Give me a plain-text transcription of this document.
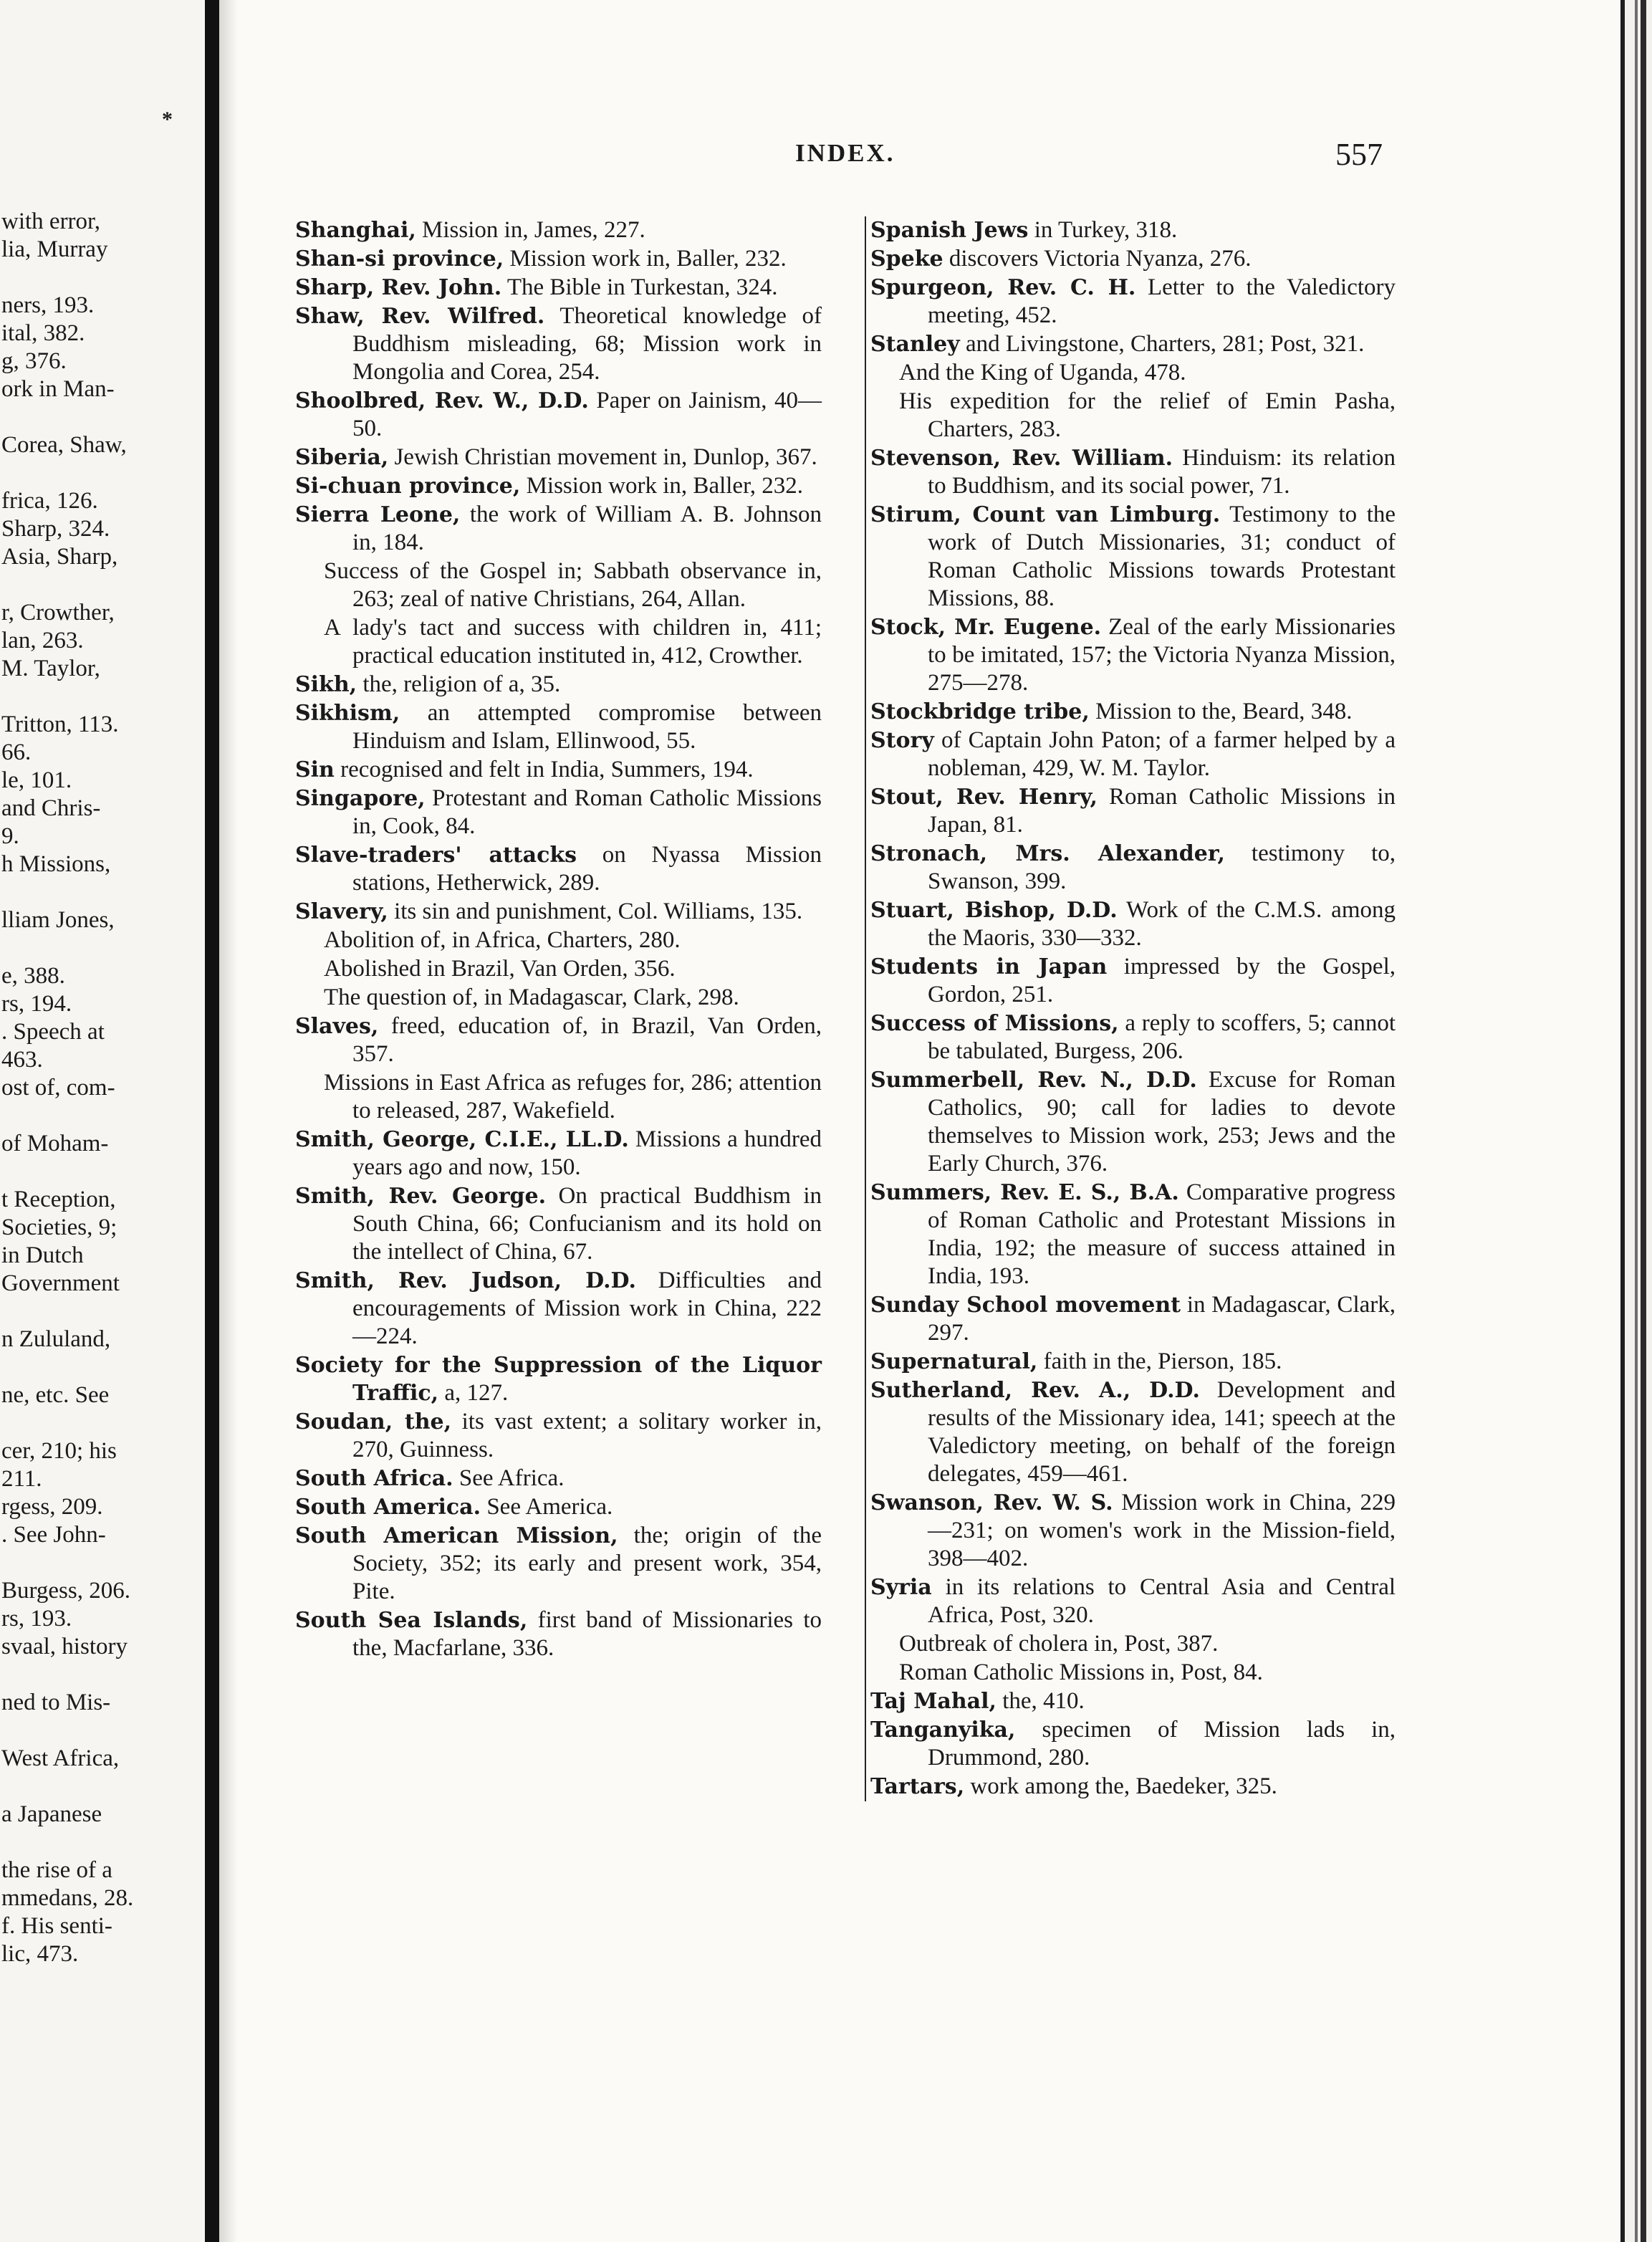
with error,
lia, Murray
ners, 193.
ital, 382.
g, 376.
ork in Man-
Corea, Shaw,
frica, 126.
Sharp, 324.
Asia, Sharp,
r, Crowther,
lan, 263.
M. Taylor,
Tritton, 113.
66.
le, 101.
and Chris-
9.
h Missions,
lliam Jones,
e, 388.
rs, 194.
. Speech at
463.
ost of, com-
of Moham-
t Reception,
Societies, 9;
in Dutch
Government
n Zululand,
ne, etc. See
cer, 210; his
211.
rgess, 209.
. See John-
Burgess, 206.
rs, 193.
svaal, history
ned to Mis-
West Africa,
a Japanese
the rise of a
mmedans, 28.
f. His senti-
lic, 473.
*
INDEX.	557
Shanghai, Mission in, James, 227.
Shan-si province, Mission work in, Baller, 232.
Sharp, Rev. John. The Bible in Turkestan, 324.
Shaw, Rev. Wilfred. Theoretical knowledge of Buddhism misleading, 68; Mission work in Mongolia and Corea, 254.
Shoolbred, Rev. W., D.D. Paper on Jainism, 40—50.
Siberia, Jewish Christian movement in, Dunlop, 367.
Si-chuan province, Mission work in, Baller, 232.
Sierra Leone, the work of William A. B. Johnson in, 184.
Success of the Gospel in; Sabbath observance in, 263; zeal of native Christians, 264, Allan.
A lady's tact and success with children in, 411; practical education instituted in, 412, Crowther.
Sikh, the, religion of a, 35.
Sikhism, an attempted compromise between Hinduism and Islam, Ellinwood, 55.
Sin recognised and felt in India, Summers, 194.
Singapore, Protestant and Roman Catholic Missions in, Cook, 84.
Slave-traders' attacks on Nyassa Mission stations, Hetherwick, 289.
Slavery, its sin and punishment, Col. Williams, 135.
Abolition of, in Africa, Charters, 280.
Abolished in Brazil, Van Orden, 356.
The question of, in Madagascar, Clark, 298.
Slaves, freed, education of, in Brazil, Van Orden, 357.
Missions in East Africa as refuges for, 286; attention to released, 287, Wakefield.
Smith, George, C.I.E., LL.D. Missions a hundred years ago and now, 150.
Smith, Rev. George. On practical Buddhism in South China, 66; Confucianism and its hold on the intellect of China, 67.
Smith, Rev. Judson, D.D. Difficulties and encouragements of Mission work in China, 222—224.
Society for the Suppression of the Liquor Traffic, a, 127.
Soudan, the, its vast extent; a solitary worker in, 270, Guinness.
South Africa. See Africa.
South America. See America.
South American Mission, the; origin of the Society, 352; its early and present work, 354, Pite.
South Sea Islands, first band of Missionaries to the, Macfarlane, 336.
Spanish Jews in Turkey, 318.
Speke discovers Victoria Nyanza, 276.
Spurgeon, Rev. C. H. Letter to the Valedictory meeting, 452.
Stanley and Livingstone, Charters, 281; Post, 321.
And the King of Uganda, 478.
His expedition for the relief of Emin Pasha, Charters, 283.
Stevenson, Rev. William. Hinduism: its relation to Buddhism, and its social power, 71.
Stirum, Count van Limburg. Testimony to the work of Dutch Missionaries, 31; conduct of Roman Catholic Missions towards Protestant Missions, 88.
Stock, Mr. Eugene. Zeal of the early Missionaries to be imitated, 157; the Victoria Nyanza Mission, 275—278.
Stockbridge tribe, Mission to the, Beard, 348.
Story of Captain John Paton; of a farmer helped by a nobleman, 429, W. M. Taylor.
Stout, Rev. Henry, Roman Catholic Missions in Japan, 81.
Stronach, Mrs. Alexander, testimony to, Swanson, 399.
Stuart, Bishop, D.D. Work of the C.M.S. among the Maoris, 330—332.
Students in Japan impressed by the Gospel, Gordon, 251.
Success of Missions, a reply to scoffers, 5; cannot be tabulated, Burgess, 206.
Summerbell, Rev. N., D.D. Excuse for Roman Catholics, 90; call for ladies to devote themselves to Mission work, 253; Jews and the Early Church, 376.
Summers, Rev. E. S., B.A. Comparative progress of Roman Catholic and Protestant Missions in India, 192; the measure of success attained in India, 193.
Sunday School movement in Madagascar, Clark, 297.
Supernatural, faith in the, Pierson, 185.
Sutherland, Rev. A., D.D. Development and results of the Missionary idea, 141; speech at the Valedictory meeting, on behalf of the foreign delegates, 459—461.
Swanson, Rev. W. S. Mission work in China, 229—231; on women's work in the Mission-field, 398—402.
Syria in its relations to Central Asia and Central Africa, Post, 320.
Outbreak of cholera in, Post, 387.
Roman Catholic Missions in, Post, 84.
Taj Mahal, the, 410.
Tanganyika, specimen of Mission lads in, Drummond, 280.
Tartars, work among the, Baedeker, 325.
